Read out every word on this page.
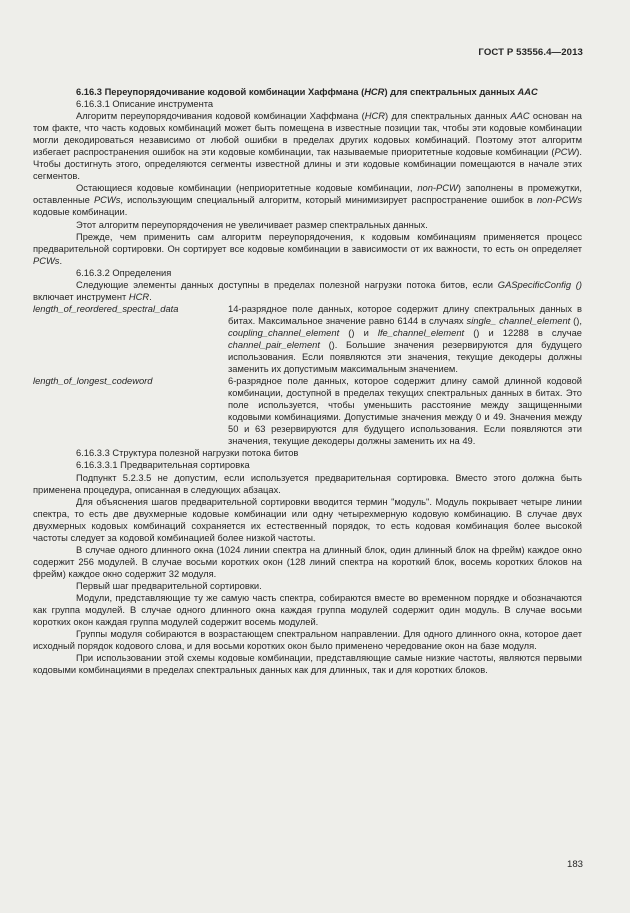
ГОСТ Р 53556.4—2013

6.16.3 Переупорядочивание кодовой комбинации Хаффмана (HCR) для спектральных данных AAC

6.16.3.1 Описание инструмента

Алгоритм переупорядочивания кодовой комбинации Хаффмана (HCR) для спектральных данных AAC основан на том факте, что часть кодовых комбинаций может быть помещена в известные позиции так, чтобы эти кодовые комбинации могли декодироваться независимо от любой ошибки в пределах других кодовых комбинаций. Поэтому этот алгоритм избегает распространения ошибок на эти кодовые комбинации, так называемые приоритетные кодовые комбинации (PCW). Чтобы достигнуть этого, определяются сегменты известной длины и эти кодовые комбинации помещаются в начале этих сегментов.

Остающиеся кодовые комбинации (неприоритетные кодовые комбинации, non-PCW) заполнены в промежутки, оставленные PCWs, использующим специальный алгоритм, который минимизирует распространение ошибок в non-PCWs кодовые комбинации.

Этот алгоритм переупорядочения не увеличивает размер спектральных данных.

Прежде, чем применить сам алгоритм переупорядочения, к кодовым комбинациям применяется процесс предварительной сортировки. Он сортирует все кодовые комбинации в зависимости от их важности, то есть он определяет PCWs.

6.16.3.2 Определения

Следующие элементы данных доступны в пределах полезной нагрузки потока битов, если GASpecificConfig () включает инструмент HCR.

length_of_reordered_spectral_data	14-разрядное поле данных, которое содержит длину спектральных данных в битах. Максимальное значение равно 6144 в случаях single_ channel_element (), coupling_channel_element () и lfe_channel_element () и 12288 в случае channel_pair_element (). Большие значения резервируются для будущего использования. Если появляются эти значения, текущие декодеры должны заменить их допустимым максимальным значением.
length_of_longest_codeword	6-разрядное поле данных, которое содержит длину самой длинной кодовой комбинации, доступной в пределах текущих спектральных данных в битах. Это поле используется, чтобы уменьшить расстояние между защищенными кодовыми комбинациями. Допустимые значения между 0 и 49. Значения между 50 и 63 резервируются для будущего использования. Если появляются эти значения, текущие декодеры должны заменить их на 49.

6.16.3.3 Структура полезной нагрузки потока битов

6.16.3.3.1 Предварительная сортировка

Подпункт 5.2.3.5 не допустим, если используется предварительная сортировка. Вместо этого должна быть применена процедура, описанная в следующих абзацах.

Для объяснения шагов предварительной сортировки вводится термин "модуль". Модуль покрывает четыре линии спектра, то есть две двухмерные кодовые комбинации или одну четырехмерную кодовую комбинацию. В случае двух двухмерных кодовых комбинаций сохраняется их естественный порядок, то есть кодовая комбинация более высокой частоты следует за кодовой комбинацией более низкой частоты.

В случае одного длинного окна (1024 линии спектра на длинный блок, один длинный блок на фрейм) каждое окно содержит 256 модулей. В случае восьми коротких окон (128 линий спектра на короткий блок, восемь коротких блоков на фрейм) каждое окно содержит 32 модуля.

Первый шаг предварительной сортировки.

Модули, представляющие ту же самую часть спектра, собираются вместе во временном порядке и обозначаются как группа модулей. В случае одного длинного окна каждая группа модулей содержит один модуль. В случае восьми коротких окон каждая группа модулей содержит восемь модулей.

Группы модуля собираются в возрастающем спектральном направлении. Для одного длинного окна, которое дает исходный порядок кодового слова, и для восьми коротких окон было применено чередование окон на базе модуля.

При использовании этой схемы кодовые комбинации, представляющие самые низкие частоты, являются первыми кодовыми комбинациями в пределах спектральных данных как для длинных, так и для коротких блоков.

183
